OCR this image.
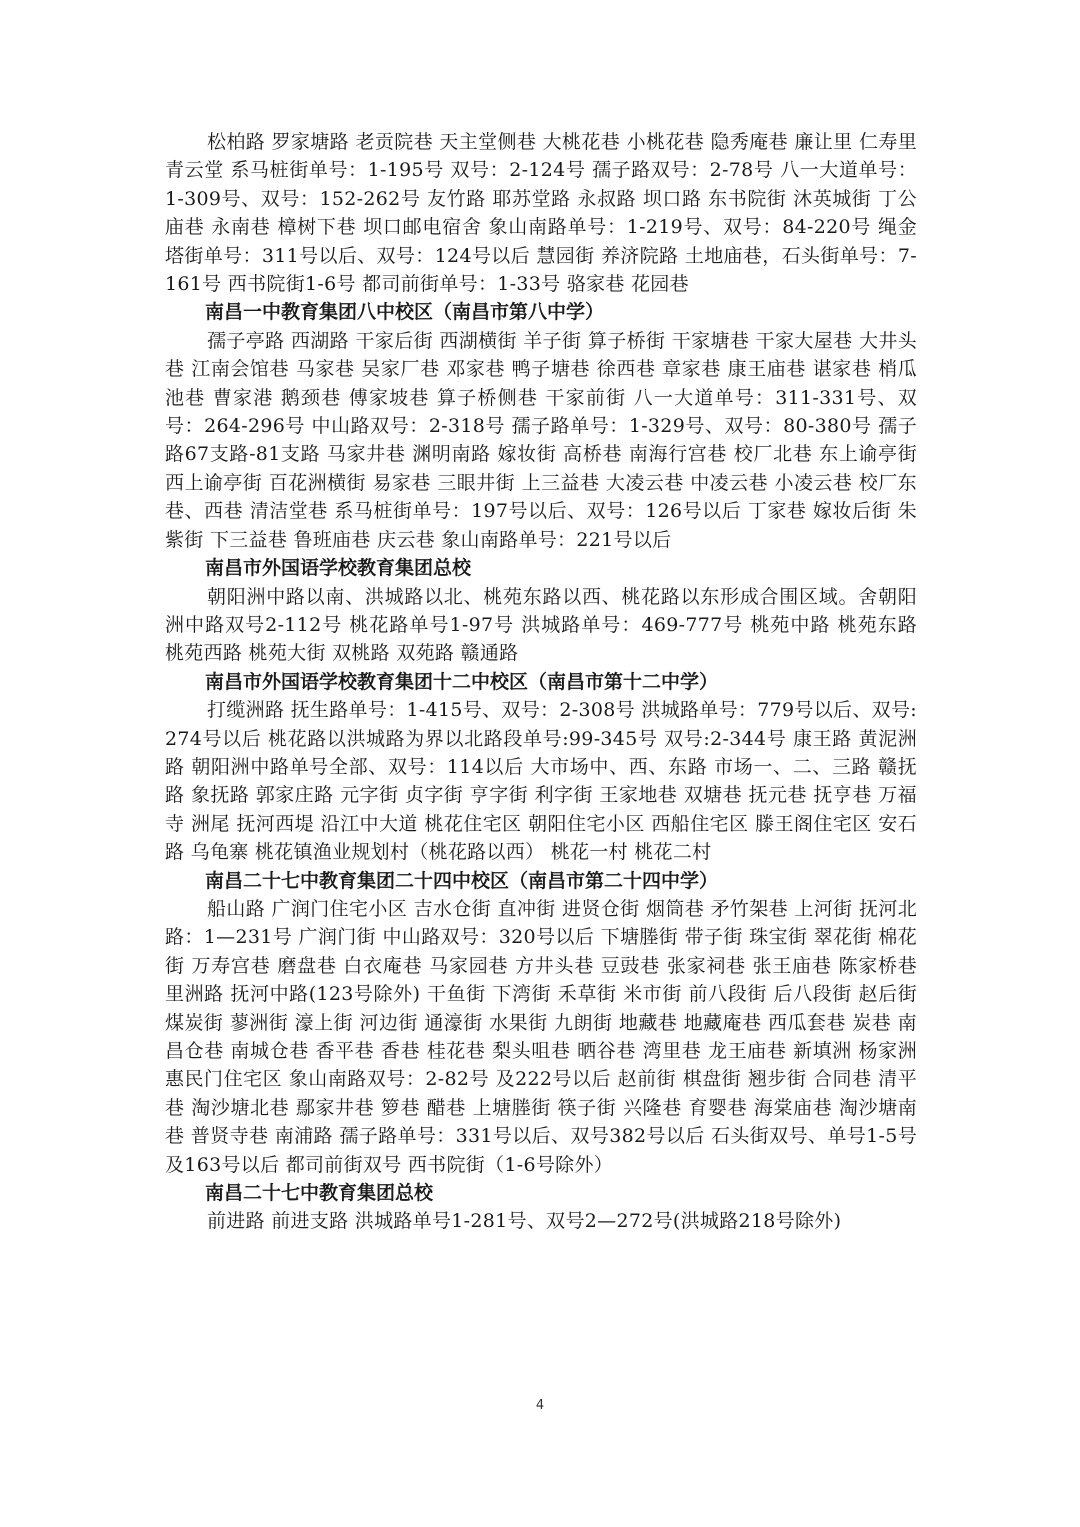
松柏路 罗家塘路 老贡院巷 天主堂侧巷 大桃花巷 小桃花巷 隐秀庵巷 廉让里 仁寿里 青云堂 系马桩街单号：1-195号 双号：2-124号 孺子路双号：2-78号 八一大道单号：1-309号、双号：152-262号 友竹路 耶苏堂路 永叔路 坝口路 东书院街 沐英城街 丁公庙巷 永南巷 樟树下巷 坝口邮电宿舍 象山南路单号：1-219号、双号：84-220号 绳金塔街单号：311号以后、双号：124号以后 慧园街 养济院路 土地庙巷，石头街单号：7-161号 西书院街1-6号 都司前街单号：1-33号 骆家巷 花园巷

南昌一中教育集团八中校区（南昌市第八中学）

孺子亭路 西湖路 干家后街 西湖横街 羊子街 算子桥街 干家塘巷 干家大屋巷 大井头巷 江南会馆巷 马家巷 吴家厂巷 邓家巷 鸭子塘巷 徐西巷 章家巷 康王庙巷 谌家巷 梢瓜池巷 曹家港 鹅颈巷 傅家坡巷 算子桥侧巷 干家前街 八一大道单号：311-331号、双号：264-296号 中山路双号：2-318号 孺子路单号：1-329号、双号：80-380号 孺子路67支路-81支路 马家井巷 渊明南路 嫁妆街 高桥巷 南海行宫巷 校厂北巷 东上谕亭街 西上谕亭街 百花洲横街 易家巷 三眼井街 上三益巷 大凌云巷 中凌云巷 小凌云巷 校厂东巷、西巷 清洁堂巷 系马桩街单号：197号以后、双号：126号以后 丁家巷 嫁妆后街 朱紫街 下三益巷 鲁班庙巷 庆云巷 象山南路单号：221号以后

南昌市外国语学校教育集团总校

朝阳洲中路以南、洪城路以北、桃苑东路以西、桃花路以东形成合围区域。舍朝阳洲中路双号2-112号 桃花路单号1-97号 洪城路单号：469-777号 桃苑中路 桃苑东路 桃苑西路 桃苑大街 双桃路 双苑路 赣通路

南昌市外国语学校教育集团十二中校区（南昌市第十二中学）

打缆洲路 抚生路单号：1-415号、双号：2-308号 洪城路单号：779号以后、双号:274号以后 桃花路以洪城路为界以北路段单号:99-345号 双号:2-344号 康王路 黄泥洲路 朝阳洲中路单号全部、双号：114以后 大市场中、西、东路 市场一、二、三路 赣抚路 象抚路 郭家庄路 元字街 贞字街 亨字街 利字街 王家地巷 双塘巷 抚元巷 抚亨巷 万福寺 洲尾 抚河西堤 沿江中大道 桃花住宅区 朝阳住宅小区 西船住宅区 滕王阁住宅区 安石路 乌龟寨 桃花镇渔业规划村（桃花路以西） 桃花一村 桃花二村

南昌二十七中教育集团二十四中校区（南昌市第二十四中学）

船山路 广润门住宅小区 吉水仓街 直冲街 进贤仓街 烟筒巷 矛竹架巷 上河街 抚河北路：1—231号 广润门街 中山路双号：320号以后 下塘塍街 带子街 珠宝街 翠花街 棉花街 万寿宫巷 磨盘巷 白衣庵巷 马家园巷 方井头巷 豆豉巷 张家祠巷 张王庙巷 陈家桥巷 里洲路 抚河中路(123号除外) 干鱼街 下湾街 禾草街 米市街 前八段街 后八段街 赵后街 煤炭街 蓼洲街 濠上街 河边街 通濠街 水果街 九朗街 地藏巷 地藏庵巷 西瓜套巷 炭巷 南昌仓巷 南城仓巷 香平巷 香巷 桂花巷 梨头咀巷 晒谷巷 湾里巷 龙王庙巷 新填洲 杨家洲 惠民门住宅区 象山南路双号：2-82号 及222号以后 赵前街 棋盘街 翘步街 合同巷 清平巷 淘沙塘北巷 鄢家井巷 箩巷 醋巷 上塘塍街 筷子街 兴隆巷 育婴巷 海棠庙巷 淘沙塘南巷 普贤寺巷 南浦路 孺子路单号：331号以后、双号382号以后 石头街双号、单号1-5号及163号以后 都司前街双号 西书院街（1-6号除外）

南昌二十七中教育集团总校

前进路 前进支路 洪城路单号1-281号、双号2—272号(洪城路218号除外)

4
